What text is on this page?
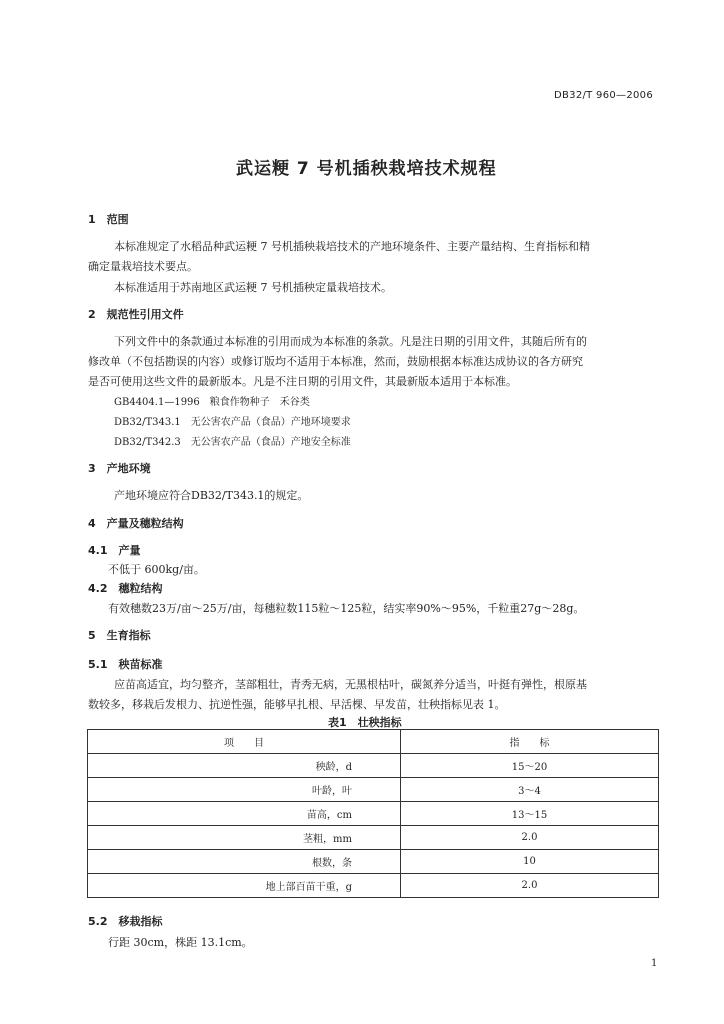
DB32/T 960—2006
武运粳 7 号机插秧栽培技术规程
1　范围
本标准规定了水稻品种武运粳 7 号机插秧栽培技术的产地环境条件、主要产量结构、生育指标和精
确定量栽培技术要点。
本标准适用于苏南地区武运粳 7 号机插秧定量栽培技术。
2　规范性引用文件
下列文件中的条款通过本标准的引用而成为本标准的条款。凡是注日期的引用文件，其随后所有的
修改单（不包括勘误的内容）或修订版均不适用于本标准，然而，鼓励根据本标准达成协议的各方研究
是否可使用这些文件的最新版本。凡是不注日期的引用文件，其最新版本适用于本标准。
GB4404.1—1996　粮食作物种子　禾谷类
DB32/T343.1　无公害农产品（食品）产地环境要求
DB32/T342.3　无公害农产品（食品）产地安全标准
3　产地环境
产地环境应符合DB32/T343.1的规定。
4　产量及穗粒结构
4.1　产量
不低于 600kg/亩。
4.2　穗粒结构
有效穗数23万/亩～25万/亩，每穗粒数115粒～125粒，结实率90%～95%，千粒重27g～28g。
5　生育指标
5.1　秧苗标准
应苗高适宜，均匀整齐，茎部粗壮，青秀无病，无黑根枯叶，碳氮养分适当，叶挺有弹性，根原基
数较多，移栽后发根力、抗逆性强，能够早扎根、早活棵、早发苗，壮秧指标见表 1。
表1　壮秧指标
项　　目	指　　标
秧龄，d	15～20
叶龄，叶	3～4
苗高，cm	13～15
茎粗，mm	2.0
根数，条	10
地上部百苗干重，g	2.0
5.2　移栽指标
行距 30cm，株距 13.1cm。
1
